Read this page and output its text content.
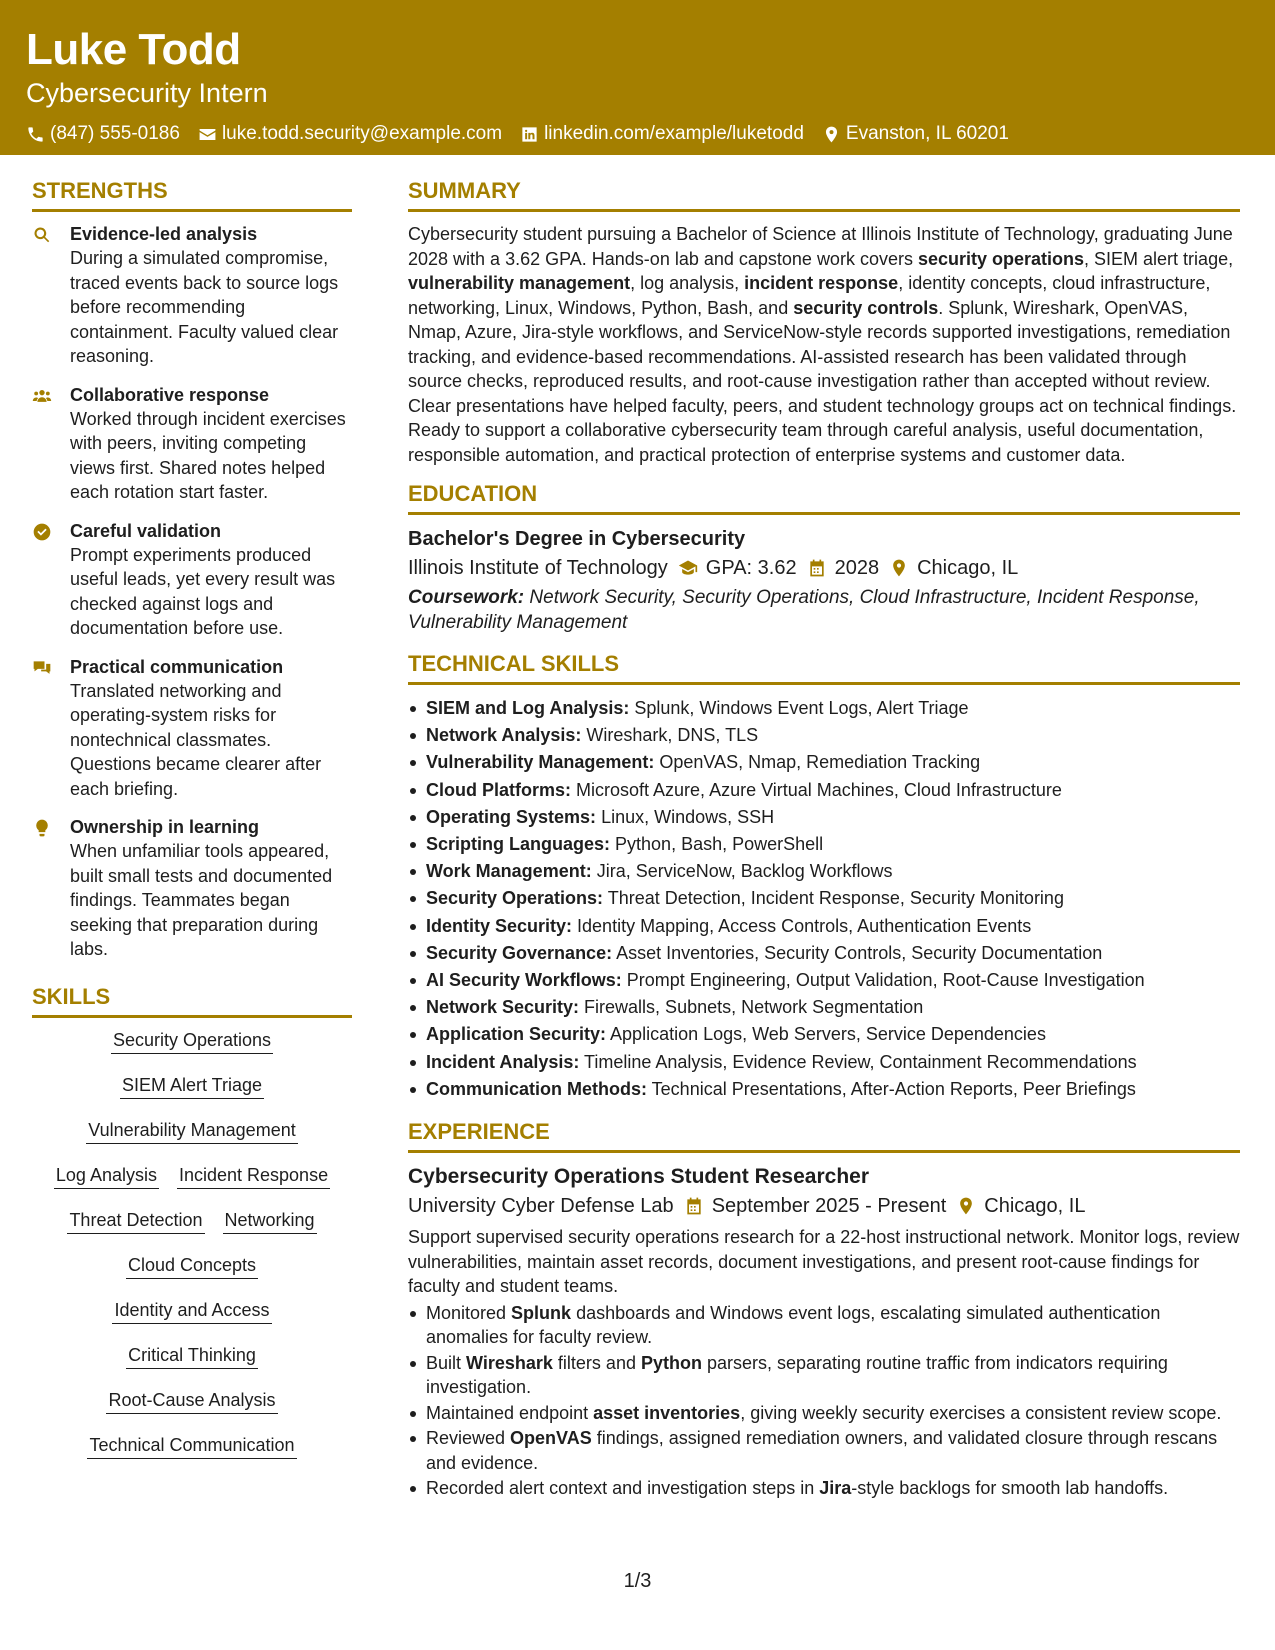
Luke Todd
Cybersecurity Intern
(847) 555-0186 luke.todd.security@example.com linkedin.com/example/luketodd Evanston, IL 60201
STRENGTHS
Evidence-led analysis
During a simulated compromise, traced events back to source logs before recommending containment. Faculty valued clear reasoning.
Collaborative response
Worked through incident exercises with peers, inviting competing views first. Shared notes helped each rotation start faster.
Careful validation
Prompt experiments produced useful leads, yet every result was checked against logs and documentation before use.
Practical communication
Translated networking and operating-system risks for nontechnical classmates. Questions became clearer after each briefing.
Ownership in learning
When unfamiliar tools appeared, built small tests and documented findings. Teammates began seeking that preparation during labs.
SKILLS
Security Operations
SIEM Alert Triage
Vulnerability Management
Log Analysis Incident Response
Threat Detection Networking
Cloud Concepts
Identity and Access
Critical Thinking
Root-Cause Analysis
Technical Communication
SUMMARY
Cybersecurity student pursuing a Bachelor of Science at Illinois Institute of Technology, graduating June 2028 with a 3.62 GPA. Hands-on lab and capstone work covers security operations, SIEM alert triage, vulnerability management, log analysis, incident response, identity concepts, cloud infrastructure, networking, Linux, Windows, Python, Bash, and security controls. Splunk, Wireshark, OpenVAS, Nmap, Azure, Jira-style workflows, and ServiceNow-style records supported investigations, remediation tracking, and evidence-based recommendations. AI-assisted research has been validated through source checks, reproduced results, and root-cause investigation rather than accepted without review. Clear presentations have helped faculty, peers, and student technology groups act on technical findings. Ready to support a collaborative cybersecurity team through careful analysis, useful documentation, responsible automation, and practical protection of enterprise systems and customer data.
EDUCATION
Bachelor's Degree in Cybersecurity
Illinois Institute of Technology GPA: 3.62 2028 Chicago, IL
Coursework: Network Security, Security Operations, Cloud Infrastructure, Incident Response, Vulnerability Management
TECHNICAL SKILLS
SIEM and Log Analysis: Splunk, Windows Event Logs, Alert Triage
Network Analysis: Wireshark, DNS, TLS
Vulnerability Management: OpenVAS, Nmap, Remediation Tracking
Cloud Platforms: Microsoft Azure, Azure Virtual Machines, Cloud Infrastructure
Operating Systems: Linux, Windows, SSH
Scripting Languages: Python, Bash, PowerShell
Work Management: Jira, ServiceNow, Backlog Workflows
Security Operations: Threat Detection, Incident Response, Security Monitoring
Identity Security: Identity Mapping, Access Controls, Authentication Events
Security Governance: Asset Inventories, Security Controls, Security Documentation
AI Security Workflows: Prompt Engineering, Output Validation, Root-Cause Investigation
Network Security: Firewalls, Subnets, Network Segmentation
Application Security: Application Logs, Web Servers, Service Dependencies
Incident Analysis: Timeline Analysis, Evidence Review, Containment Recommendations
Communication Methods: Technical Presentations, After-Action Reports, Peer Briefings
EXPERIENCE
Cybersecurity Operations Student Researcher
University Cyber Defense Lab September 2025 - Present Chicago, IL
Support supervised security operations research for a 22-host instructional network. Monitor logs, review vulnerabilities, maintain asset records, document investigations, and present root-cause findings for faculty and student teams.
Monitored Splunk dashboards and Windows event logs, escalating simulated authentication anomalies for faculty review.
Built Wireshark filters and Python parsers, separating routine traffic from indicators requiring investigation.
Maintained endpoint asset inventories, giving weekly security exercises a consistent review scope.
Reviewed OpenVAS findings, assigned remediation owners, and validated closure through rescans and evidence.
Recorded alert context and investigation steps in Jira-style backlogs for smooth lab handoffs.
1/3
